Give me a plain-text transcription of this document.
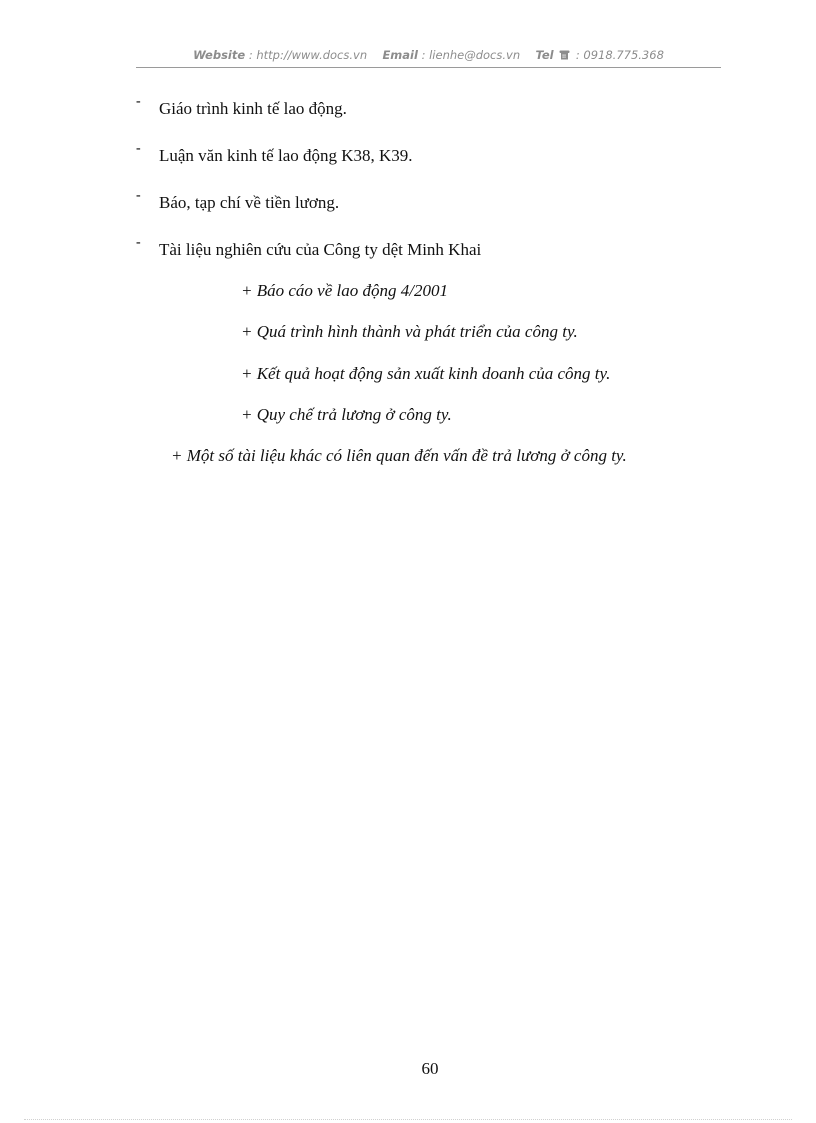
Website : http://www.docs.vn Email : lienhe@docs.vn Tel : 0918.775.368
- Giáo trình kinh tế lao động.
- Luận văn kinh tế lao động K38, K39.
- Báo, tạp chí về tiền lương.
- Tài liệu nghiên cứu của Công ty dệt Minh Khai
+ Báo cáo về lao động 4/2001
+ Quá trình hình thành và phát triển của công ty.
+ Kết quả hoạt động sản xuất kinh doanh của công ty.
+ Quy chế trả lương ở công ty.
+ Một số tài liệu khác có liên quan đến vấn đề trả lương ở công ty.
60
